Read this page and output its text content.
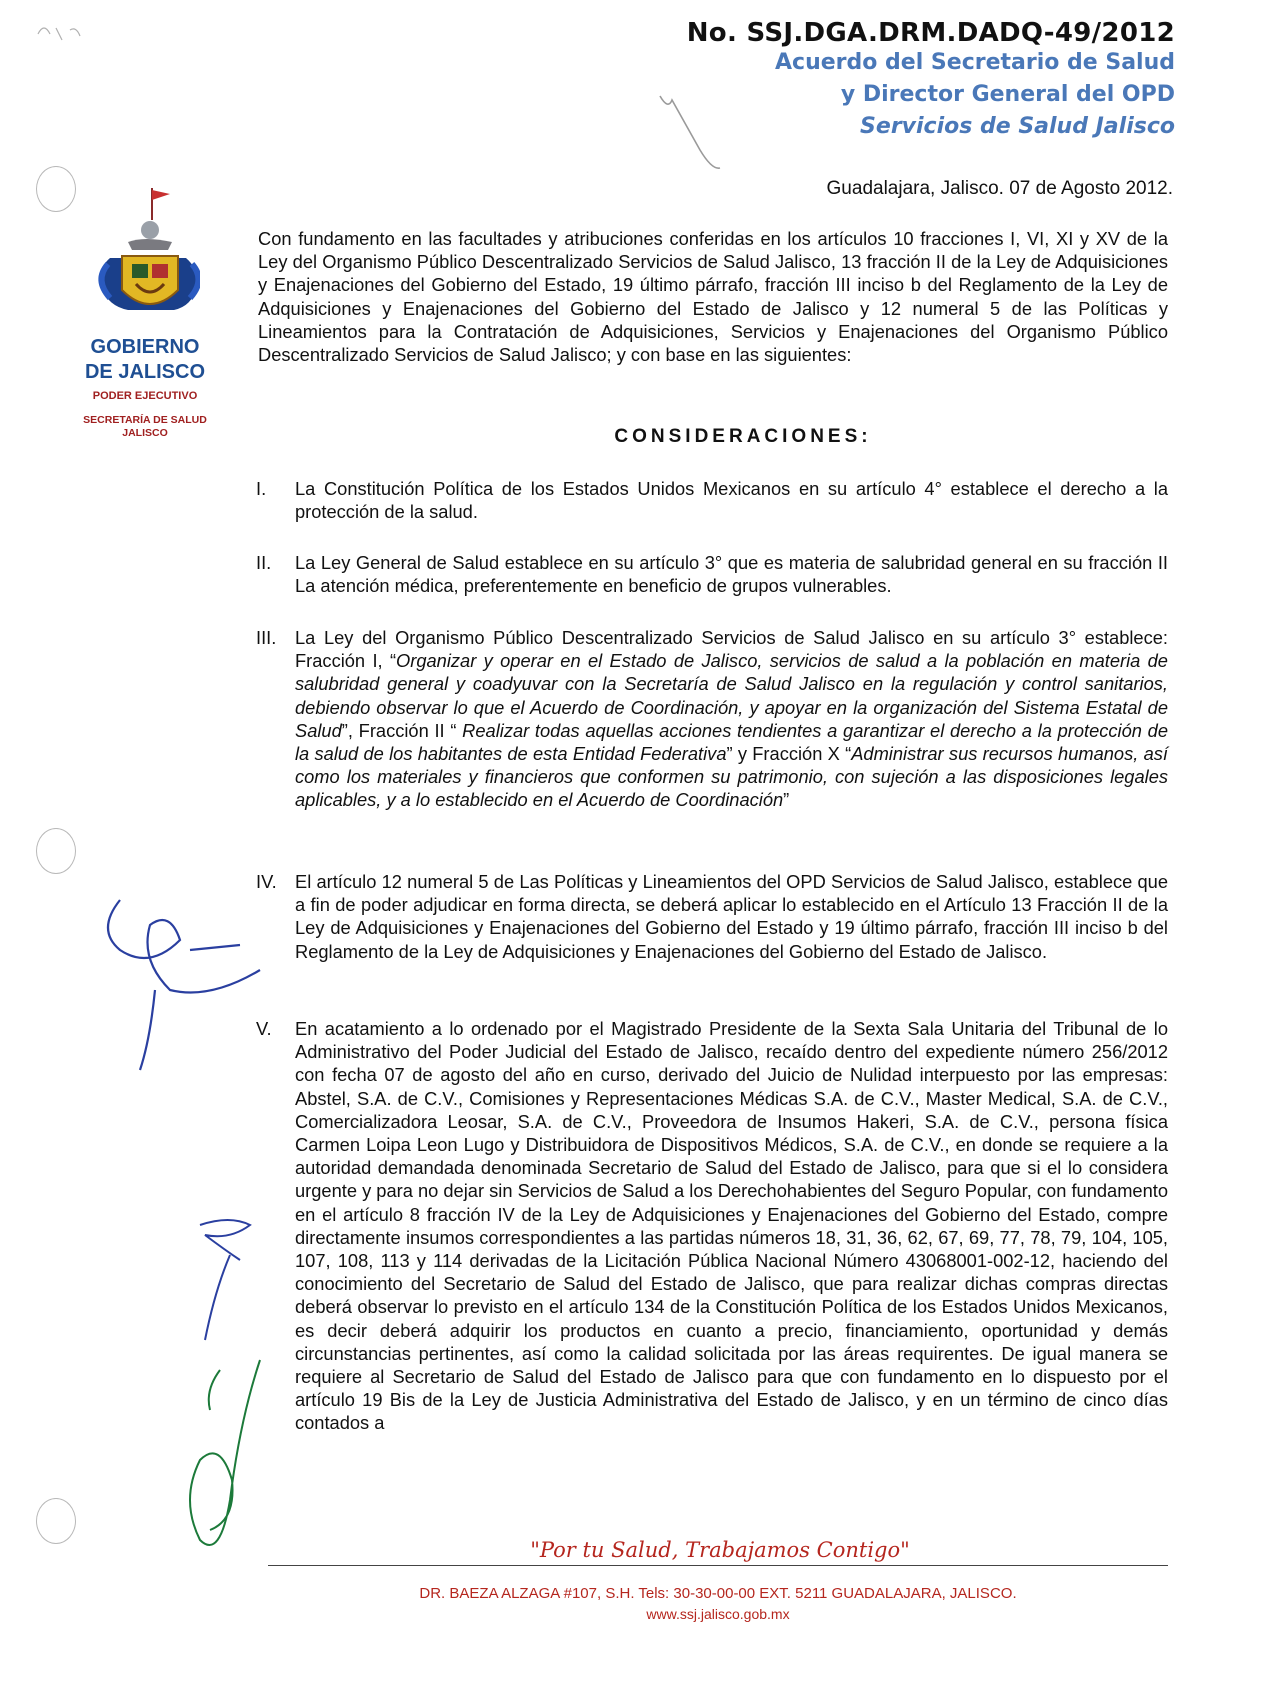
No. SSJ.DGA.DRM.DADQ-49/2012
Acuerdo del Secretario de Salud
y Director General del OPD
Servicios de Salud Jalisco
Guadalajara, Jalisco. 07 de Agosto 2012.
GOBIERNO
DE JALISCO
PODER EJECUTIVO
SECRETARÍA DE SALUD JALISCO
Con fundamento en las facultades y atribuciones conferidas en los artículos 10 fracciones I, VI, XI y XV de la Ley del Organismo Público Descentralizado Servicios de Salud Jalisco, 13 fracción II de la Ley de Adquisiciones y Enajenaciones del Gobierno del Estado, 19 último párrafo, fracción III inciso b del Reglamento de la Ley de Adquisiciones y Enajenaciones del Gobierno del Estado de Jalisco y 12 numeral 5 de las Políticas y Lineamientos para la Contratación de Adquisiciones, Servicios y Enajenaciones del Organismo Público Descentralizado Servicios de Salud Jalisco; y con base en las siguientes:
CONSIDERACIONES:
I. La Constitución Política de los Estados Unidos Mexicanos en su artículo 4° establece el derecho a la protección de la salud.
II. La Ley General de Salud establece en su artículo 3° que es materia de salubridad general en su fracción II La atención médica, preferentemente en beneficio de grupos vulnerables.
III. La Ley del Organismo Público Descentralizado Servicios de Salud Jalisco en su artículo 3° establece: Fracción I, “Organizar y operar en el Estado de Jalisco, servicios de salud a la población en materia de salubridad general y coadyuvar con la Secretaría de Salud Jalisco en la regulación y control sanitarios, debiendo observar lo que el Acuerdo de Coordinación, y apoyar en la organización del Sistema Estatal de Salud”, Fracción II “ Realizar todas aquellas acciones tendientes a garantizar el derecho a la protección de la salud de los habitantes de esta Entidad Federativa” y Fracción X “Administrar sus recursos humanos, así como los materiales y financieros que conformen su patrimonio, con sujeción a las disposiciones legales aplicables, y a lo establecido en el Acuerdo de Coordinación”
IV. El artículo 12 numeral 5 de Las Políticas y Lineamientos del OPD Servicios de Salud Jalisco, establece que a fin de poder adjudicar en forma directa, se deberá aplicar lo establecido en el Artículo 13 Fracción II de la Ley de Adquisiciones y Enajenaciones del Gobierno del Estado y 19 último párrafo, fracción III inciso b del Reglamento de la Ley de Adquisiciones y Enajenaciones del Gobierno del Estado de Jalisco.
V. En acatamiento a lo ordenado por el Magistrado Presidente de la Sexta Sala Unitaria del Tribunal de lo Administrativo del Poder Judicial del Estado de Jalisco, recaído dentro del expediente número 256/2012 con fecha 07 de agosto del año en curso, derivado del Juicio de Nulidad interpuesto por las empresas: Abstel, S.A. de C.V., Comisiones y Representaciones Médicas S.A. de C.V., Master Medical, S.A. de C.V., Comercializadora Leosar, S.A. de C.V., Proveedora de Insumos Hakeri, S.A. de C.V., persona física Carmen Loipa Leon Lugo y Distribuidora de Dispositivos Médicos, S.A. de C.V., en donde se requiere a la autoridad demandada denominada Secretario de Salud del Estado de Jalisco, para que si el lo considera urgente y para no dejar sin Servicios de Salud a los Derechohabientes del Seguro Popular, con fundamento en el artículo 8 fracción IV de la Ley de Adquisiciones y Enajenaciones del Gobierno del Estado, compre directamente insumos correspondientes a las partidas números 18, 31, 36, 62, 67, 69, 77, 78, 79, 104, 105, 107, 108, 113 y 114 derivadas de la Licitación Pública Nacional Número 43068001-002-12, haciendo del conocimiento del Secretario de Salud del Estado de Jalisco, que para realizar dichas compras directas deberá observar lo previsto en el artículo 134 de la Constitución Política de los Estados Unidos Mexicanos, es decir deberá adquirir los productos en cuanto a precio, financiamiento, oportunidad y demás circunstancias pertinentes, así como la calidad solicitada por las áreas requirentes. De igual manera se requiere al Secretario de Salud del Estado de Jalisco para que con fundamento en lo dispuesto por el artículo 19 Bis de la Ley de Justicia Administrativa del Estado de Jalisco, y en un término de cinco días contados a
"Por tu Salud, Trabajamos Contigo"
DR. BAEZA ALZAGA #107, S.H. Tels: 30-30-00-00 EXT. 5211 GUADALAJARA, JALISCO.
www.ssj.jalisco.gob.mx
